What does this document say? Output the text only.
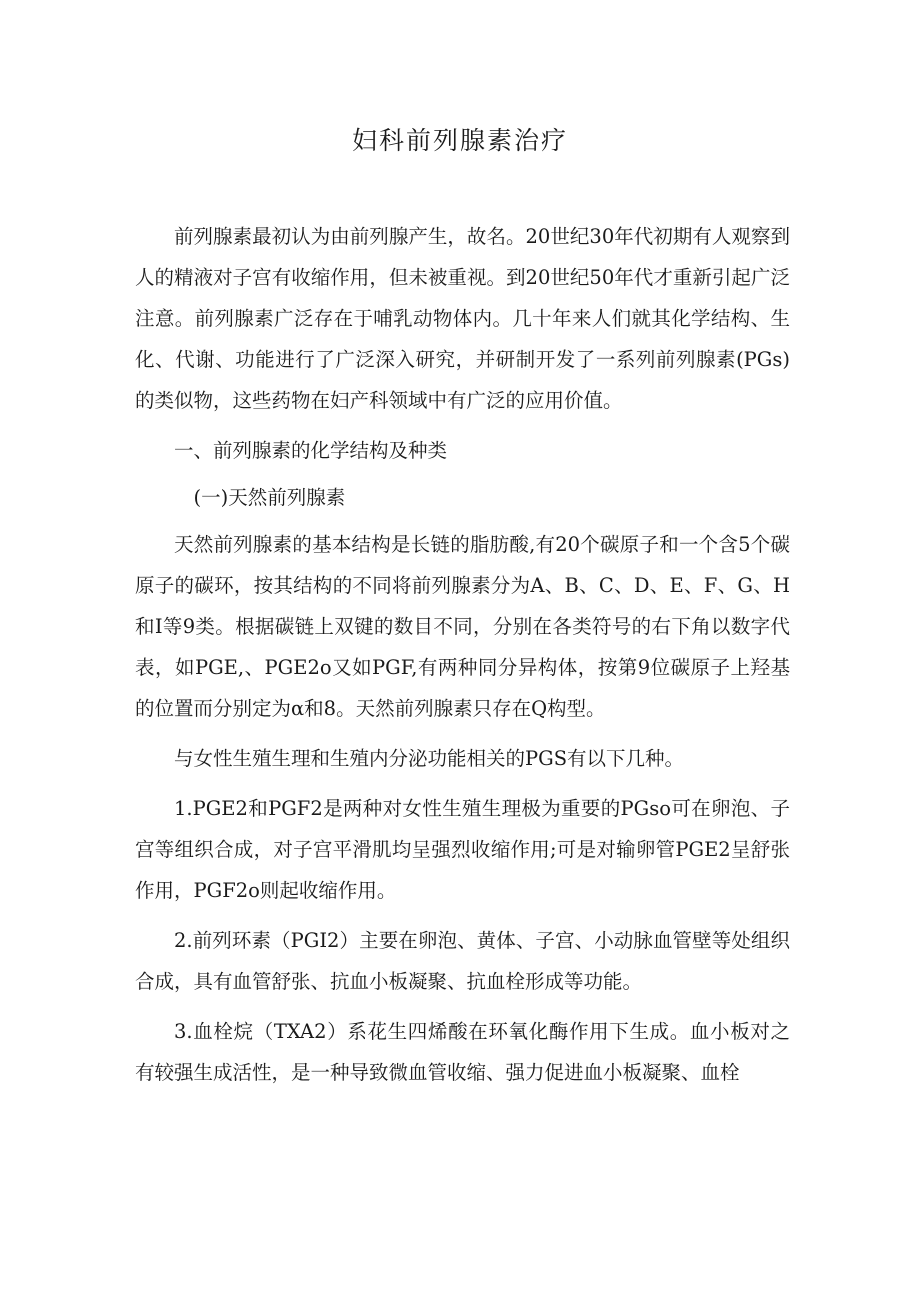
妇科前列腺素治疗

前列腺素最初认为由前列腺产生，故名。20世纪30年代初期有人观察到人的精液对子宫有收缩作用，但未被重视。到20世纪50年代才重新引起广泛注意。前列腺素广泛存在于哺乳动物体内。几十年来人们就其化学结构、生化、代谢、功能进行了广泛深入研究，并研制开发了一系列前列腺素(PGs)的类似物，这些药物在妇产科领域中有广泛的应用价值。

一、前列腺素的化学结构及种类

(一)天然前列腺素

天然前列腺素的基本结构是长链的脂肪酸,有20个碳原子和一个含5个碳原子的碳环，按其结构的不同将前列腺素分为A、B、C、D、E、F、G、H和I等9类。根据碳链上双键的数目不同，分别在各类符号的右下角以数字代表，如PGE,、PGE2o又如PGF,有两种同分异构体，按第9位碳原子上羟基的位置而分别定为α和8。天然前列腺素只存在Q构型。

与女性生殖生理和生殖内分泌功能相关的PGS有以下几种。

1.PGE2和PGF2是两种对女性生殖生理极为重要的PGso可在卵泡、子宫等组织合成，对子宫平滑肌均呈强烈收缩作用;可是对输卵管PGE2呈舒张作用，PGF2o则起收缩作用。

2.前列环素（PGI2）主要在卵泡、黄体、子宫、小动脉血管壁等处组织合成，具有血管舒张、抗血小板凝聚、抗血栓形成等功能。

3.血栓烷（TXA2）系花生四烯酸在环氧化酶作用下生成。血小板对之有较强生成活性，是一种导致微血管收缩、强力促进血小板凝聚、血栓
